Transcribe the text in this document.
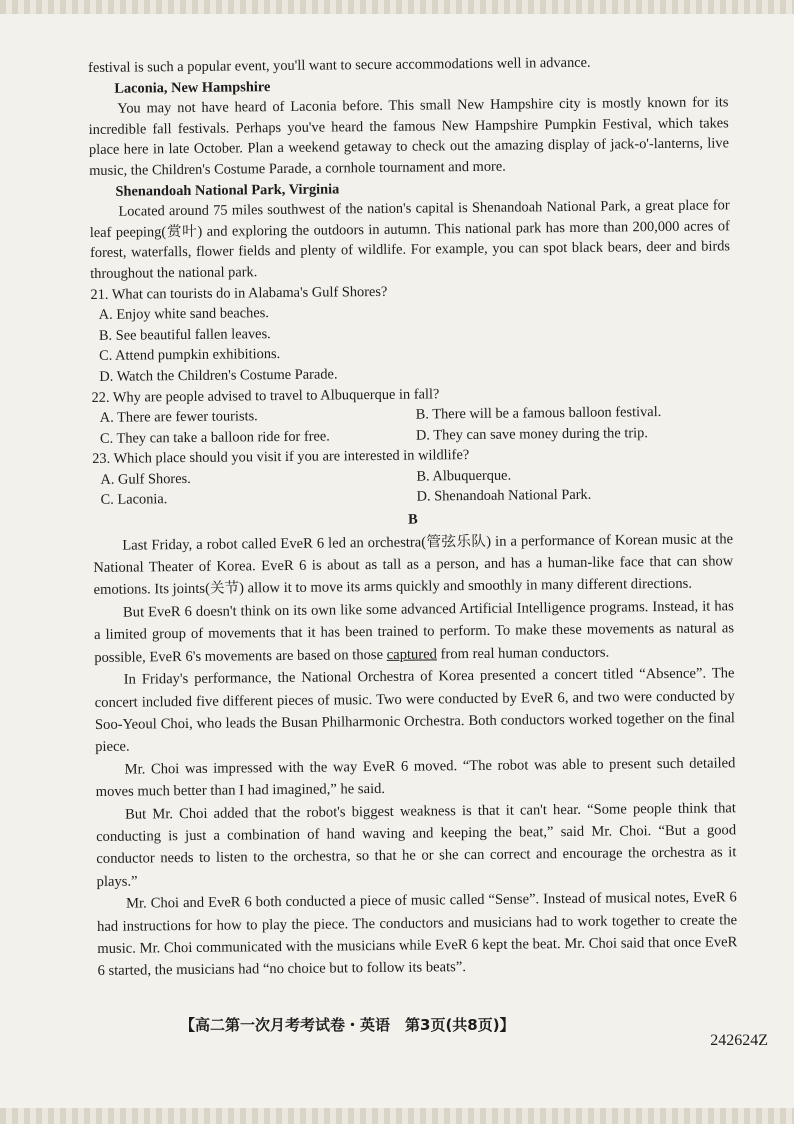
festival is such a popular event, you'll want to secure accommodations well in advance.

Laconia, New Hampshire

You may not have heard of Laconia before. This small New Hampshire city is mostly known for its incredible fall festivals. Perhaps you've heard the famous New Hampshire Pumpkin Festival, which takes place here in late October. Plan a weekend getaway to check out the amazing display of jack-o'-lanterns, live music, the Children's Costume Parade, a cornhole tournament and more.

Shenandoah National Park, Virginia

Located around 75 miles southwest of the nation's capital is Shenandoah National Park, a great place for leaf peeping(赏叶) and exploring the outdoors in autumn. This national park has more than 200,000 acres of forest, waterfalls, flower fields and plenty of wildlife. For example, you can spot black bears, deer and birds throughout the national park.

21. What can tourists do in Alabama's Gulf Shores?

A. Enjoy white sand beaches.

B. See beautiful fallen leaves.

C. Attend pumpkin exhibitions.

D. Watch the Children's Costume Parade.

22. Why are people advised to travel to Albuquerque in fall?

A. There are fewer tourists.	B. There will be a famous balloon festival.
C. They can take a balloon ride for free.	D. They can save money during the trip.

23. Which place should you visit if you are interested in wildlife?

A. Gulf Shores.	B. Albuquerque.
C. Laconia.	D. Shenandoah National Park.

B

Last Friday, a robot called EveR 6 led an orchestra(管弦乐队) in a performance of Korean music at the National Theater of Korea. EveR 6 is about as tall as a person, and has a human-like face that can show emotions. Its joints(关节) allow it to move its arms quickly and smoothly in many different directions.

But EveR 6 doesn't think on its own like some advanced Artificial Intelligence programs. Instead, it has a limited group of movements that it has been trained to perform. To make these movements as natural as possible, EveR 6's movements are based on those captured from real human conductors.

In Friday's performance, the National Orchestra of Korea presented a concert titled “Absence”. The concert included five different pieces of music. Two were conducted by EveR 6, and two were conducted by Soo-Yeoul Choi, who leads the Busan Philharmonic Orchestra. Both conductors worked together on the final piece.

Mr. Choi was impressed with the way EveR 6 moved. “The robot was able to present such detailed moves much better than I had imagined,” he said.

But Mr. Choi added that the robot's biggest weakness is that it can't hear. “Some people think that conducting is just a combination of hand waving and keeping the beat,” said Mr. Choi. “But a good conductor needs to listen to the orchestra, so that he or she can correct and encourage the orchestra as it plays.”

Mr. Choi and EveR 6 both conducted a piece of music called “Sense”. Instead of musical notes, EveR 6 had instructions for how to play the piece. The conductors and musicians had to work together to create the music. Mr. Choi communicated with the musicians while EveR 6 kept the beat. Mr. Choi said that once EveR 6 started, the musicians had “no choice but to follow its beats”.

【高二第一次月考考试卷・英语　第3页(共8页)】
242624Z
